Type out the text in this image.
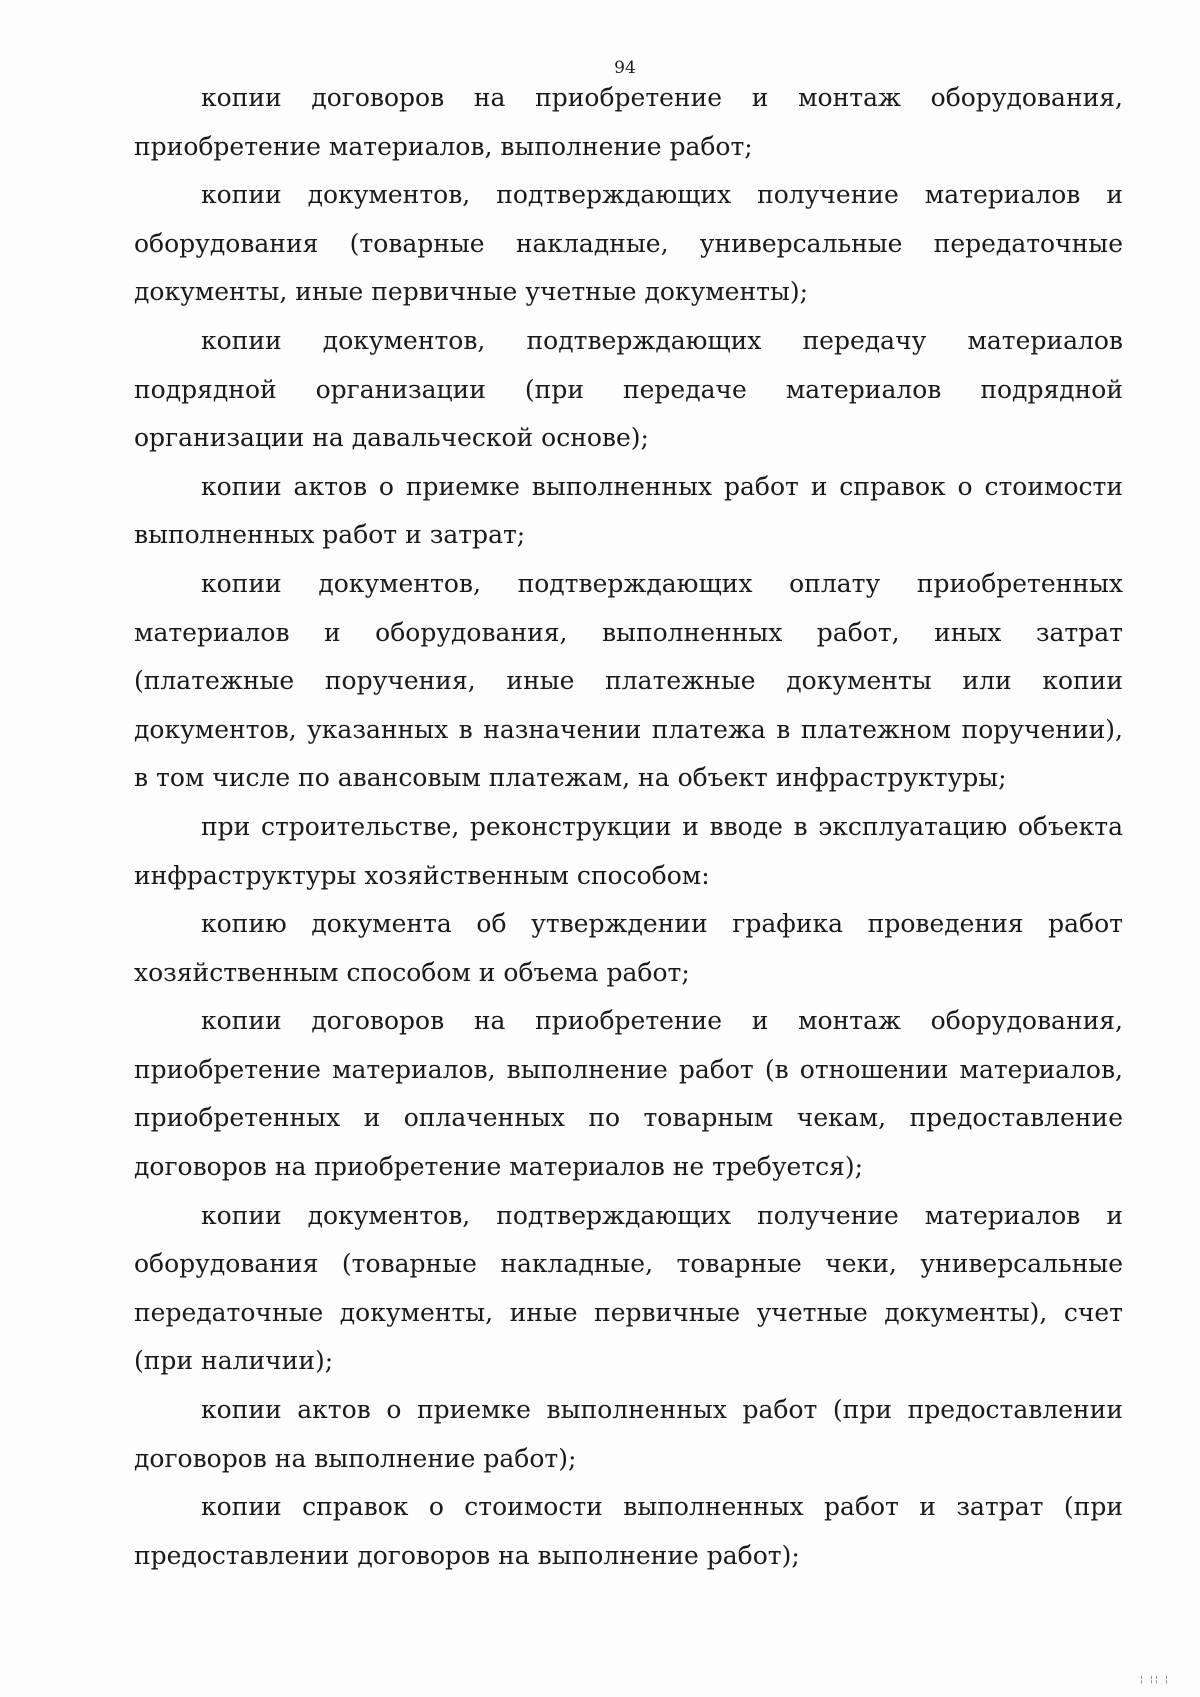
94

копии договоров на приобретение и монтаж оборудования, приобретение материалов, выполнение работ;

копии документов, подтверждающих получение материалов и оборудования (товарные накладные, универсальные передаточные документы, иные первичные учетные документы);

копии документов, подтверждающих передачу материалов подрядной организации (при передаче материалов подрядной организации на давальческой основе);

копии актов о приемке выполненных работ и справок о стоимости выполненных работ и затрат;

копии документов, подтверждающих оплату приобретенных материалов и оборудования, выполненных работ, иных затрат (платежные поручения, иные платежные документы или копии документов, указанных в назначении платежа в платежном поручении), в том числе по авансовым платежам, на объект инфраструктуры;

при строительстве, реконструкции и вводе в эксплуатацию объекта инфраструктуры хозяйственным способом:

копию документа об утверждении графика проведения работ хозяйственным способом и объема работ;

копии договоров на приобретение и монтаж оборудования, приобретение материалов, выполнение работ (в отношении материалов, приобретенных и оплаченных по товарным чекам, предоставление договоров на приобретение материалов не требуется);

копии документов, подтверждающих получение материалов и оборудования (товарные накладные, товарные чеки, универсальные передаточные документы, иные первичные учетные документы), счет (при наличии);

копии актов о приемке выполненных работ (при предоставлении договоров на выполнение работ);

копии справок о стоимости выполненных работ и затрат (при предоставлении договоров на выполнение работ);

¦ ¦¦ ¦
